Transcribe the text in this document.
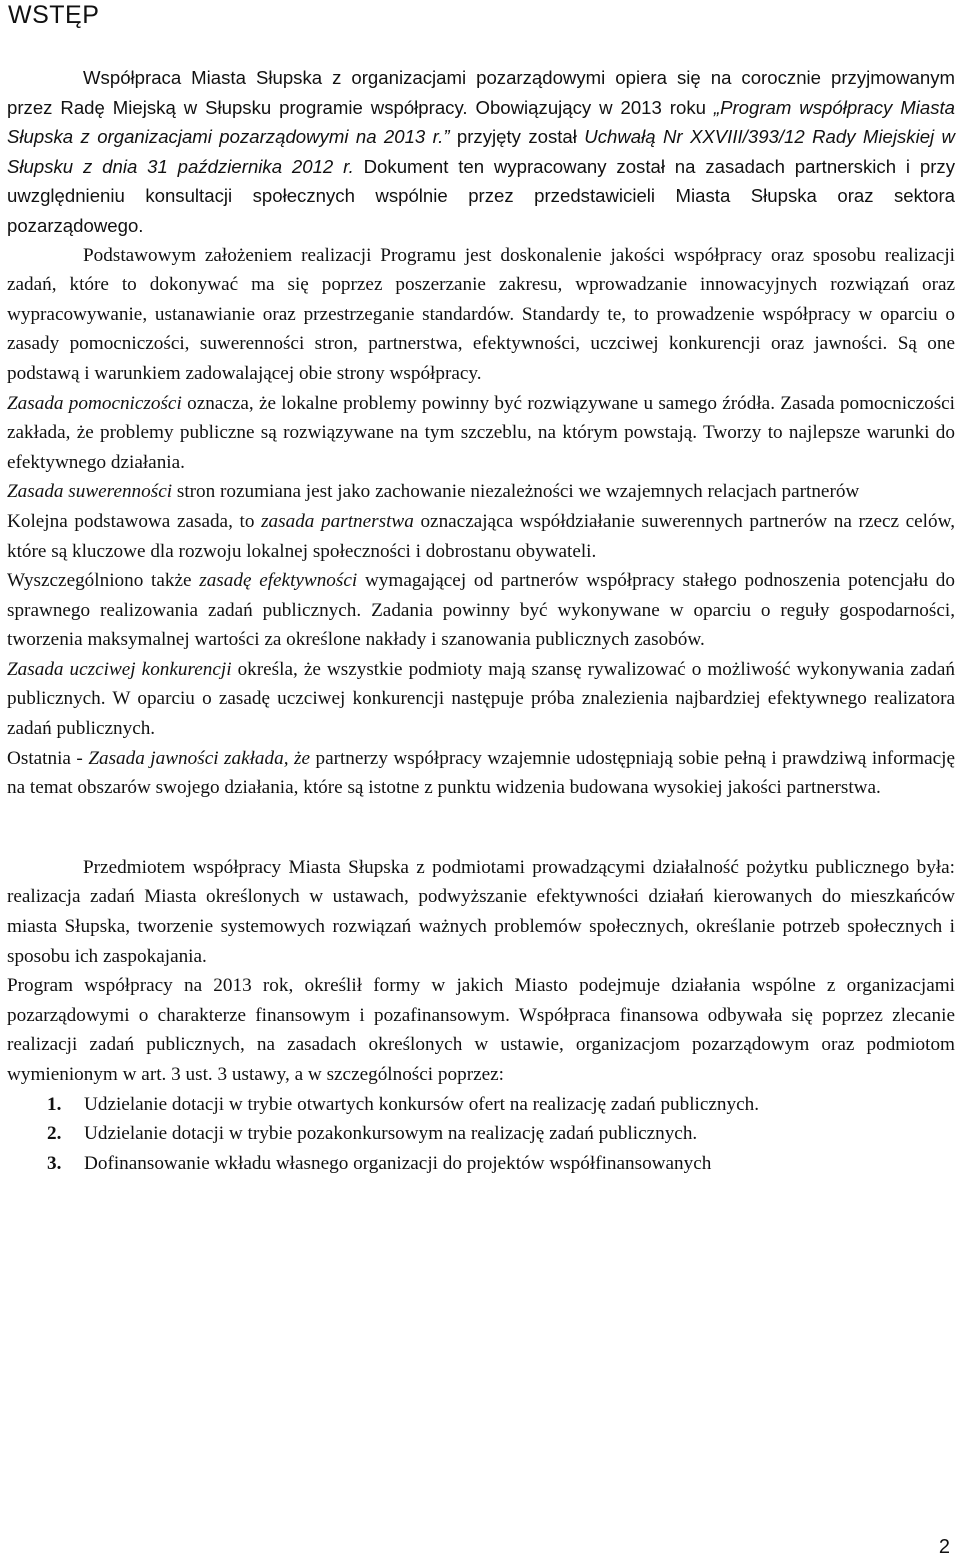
WSTĘP

Współpraca Miasta Słupska z organizacjami pozarządowymi opiera się na corocznie przyjmowanym przez Radę Miejską w Słupsku programie współpracy. Obowiązujący w 2013 roku „Program współpracy Miasta Słupska z organizacjami pozarządowymi na 2013 r.” przyjęty został Uchwałą Nr XXVIII/393/12 Rady Miejskiej w Słupsku z dnia 31 października 2012 r. Dokument ten wypracowany został na zasadach partnerskich i przy uwzględnieniu konsultacji społecznych wspólnie przez przedstawicieli Miasta Słupska oraz sektora pozarządowego.

Podstawowym założeniem realizacji Programu jest doskonalenie jakości współpracy oraz sposobu realizacji zadań, które to dokonywać ma się poprzez poszerzanie zakresu, wprowadzanie innowacyjnych rozwiązań oraz wypracowywanie, ustanawianie oraz przestrzeganie standardów. Standardy te, to prowadzenie współpracy w oparciu o zasady pomocniczości, suwerenności stron, partnerstwa, efektywności, uczciwej konkurencji oraz jawności. Są one podstawą i warunkiem zadowalającej obie strony współpracy.

Zasada pomocniczości oznacza, że lokalne problemy powinny być rozwiązywane u samego źródła. Zasada pomocniczości zakłada, że problemy publiczne są rozwiązywane na tym szczeblu, na którym powstają. Tworzy to najlepsze warunki do efektywnego działania.

Zasada suwerenności stron rozumiana jest jako zachowanie niezależności we wzajemnych relacjach partnerów

Kolejna podstawowa zasada, to zasada partnerstwa oznaczająca współdziałanie suwerennych partnerów na rzecz celów, które są kluczowe dla rozwoju lokalnej społeczności i dobrostanu obywateli.

Wyszczególniono także zasadę efektywności wymagającej od partnerów współpracy stałego podnoszenia potencjału do sprawnego realizowania zadań publicznych. Zadania powinny być wykonywane w oparciu o reguły gospodarności, tworzenia maksymalnej wartości za określone nakłady i szanowania publicznych zasobów.

Zasada uczciwej konkurencji określa, że wszystkie podmioty mają szansę rywalizować o możliwość wykonywania zadań publicznych. W oparciu o zasadę uczciwej konkurencji następuje próba znalezienia najbardziej efektywnego realizatora zadań publicznych.

Ostatnia - Zasada jawności zakłada, że partnerzy współpracy wzajemnie udostępniają sobie pełną i prawdziwą informację na temat obszarów swojego działania, które są istotne z punktu widzenia budowana wysokiej jakości partnerstwa.

Przedmiotem współpracy Miasta Słupska z podmiotami prowadzącymi działalność pożytku publicznego była: realizacja zadań Miasta określonych w ustawach, podwyższanie efektywności działań kierowanych do mieszkańców miasta Słupska, tworzenie systemowych rozwiązań ważnych problemów społecznych, określanie potrzeb społecznych i sposobu ich zaspokajania.

Program współpracy na 2013 rok, określił formy w jakich Miasto podejmuje działania wspólne z organizacjami pozarządowymi o charakterze finansowym i pozafinansowym. Współpraca finansowa odbywała się poprzez zlecanie realizacji zadań publicznych, na zasadach określonych w ustawie, organizacjom pozarządowym oraz podmiotom wymienionym w art. 3 ust. 3 ustawy, a w szczególności poprzez:

1. Udzielanie dotacji w trybie otwartych konkursów ofert na realizację zadań publicznych.
2. Udzielanie dotacji w trybie pozakonkursowym na realizację zadań publicznych.
3. Dofinansowanie wkładu własnego organizacji do projektów współfinansowanych
2
